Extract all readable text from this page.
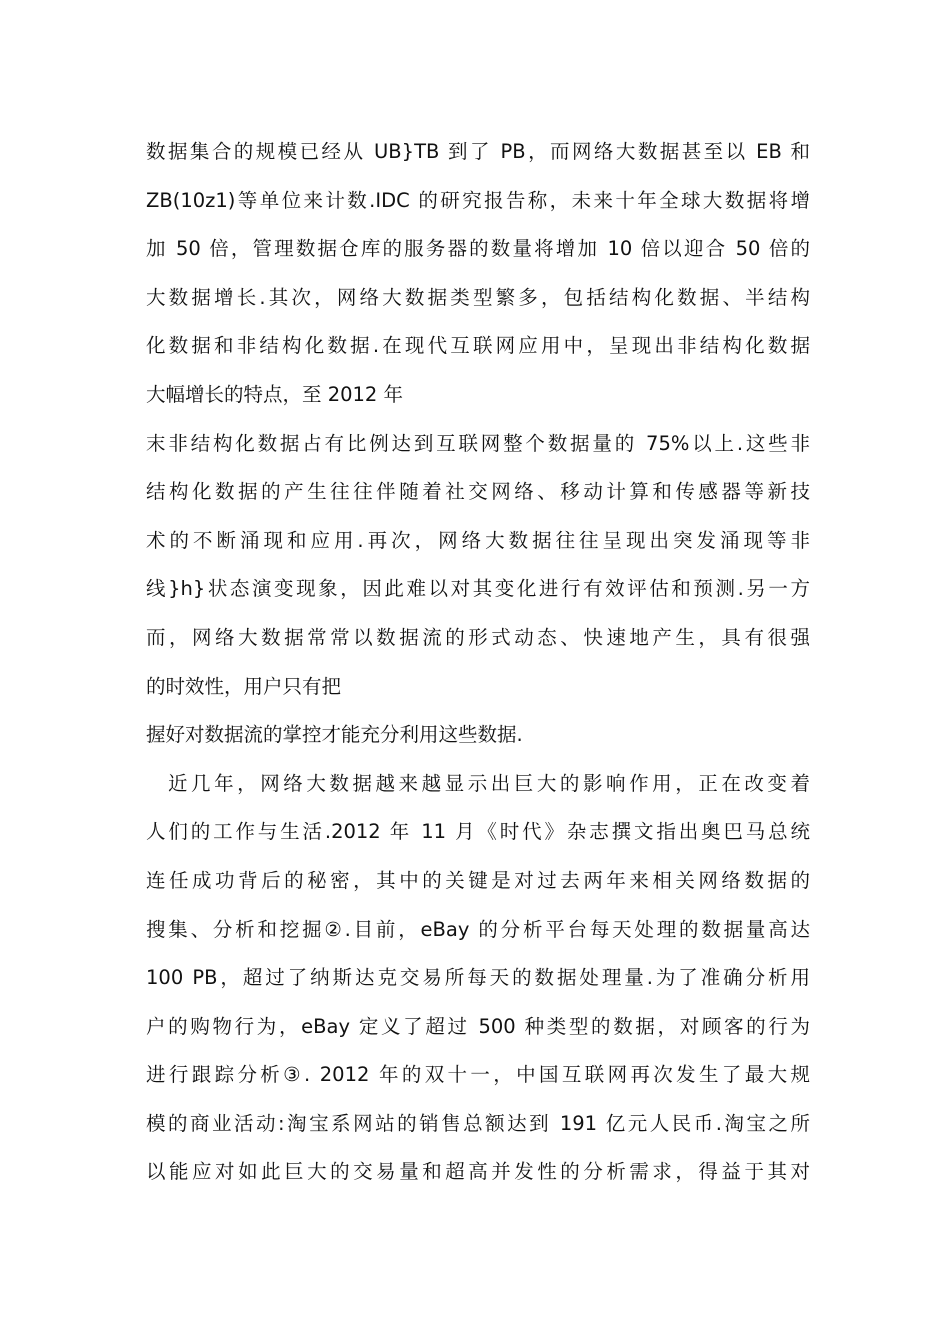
数据集合的规模已经从 UB}TB 到了 PB，而网络大数据甚至以 EB 和
ZB(10z1)等单位来计数.IDC 的研究报告称，未来十年全球大数据将增
加 50 倍，管理数据仓库的服务器的数量将增加 10 倍以迎合 50 倍的
大数据增长.其次，网络大数据类型繁多，包括结构化数据、半结构
化数据和非结构化数据.在现代互联网应用中，呈现出非结构化数据
大幅增长的特点，至 2012 年
末非结构化数据占有比例达到互联网整个数据量的 75%以上.这些非
结构化数据的产生往往伴随着社交网络、移动计算和传感器等新技
术的不断涌现和应用.再次，网络大数据往往呈现出突发涌现等非
线}h}状态演变现象，因此难以对其变化进行有效评估和预测.另一方
而，网络大数据常常以数据流的形式动态、快速地产生，具有很强
的时效性，用户只有把
握好对数据流的掌控才能充分利用这些数据.
近几年，网络大数据越来越显示出巨大的影响作用，正在改变着
人们的工作与生活.2012 年 11 月《时代》杂志撰文指出奥巴马总统
连任成功背后的秘密，其中的关键是对过去两年来相关网络数据的
搜集、分析和挖掘②.目前，eBay 的分析平台每天处理的数据量高达
100 PB，超过了纳斯达克交易所每天的数据处理量.为了准确分析用
户的购物行为，eBay 定义了超过 500 种类型的数据，对顾客的行为
进行跟踪分析③. 2012 年的双十一，中国互联网再次发生了最大规
模的商业活动:淘宝系网站的销售总额达到 191 亿元人民币.淘宝之所
以能应对如此巨大的交易量和超高并发性的分析需求，得益于其对
